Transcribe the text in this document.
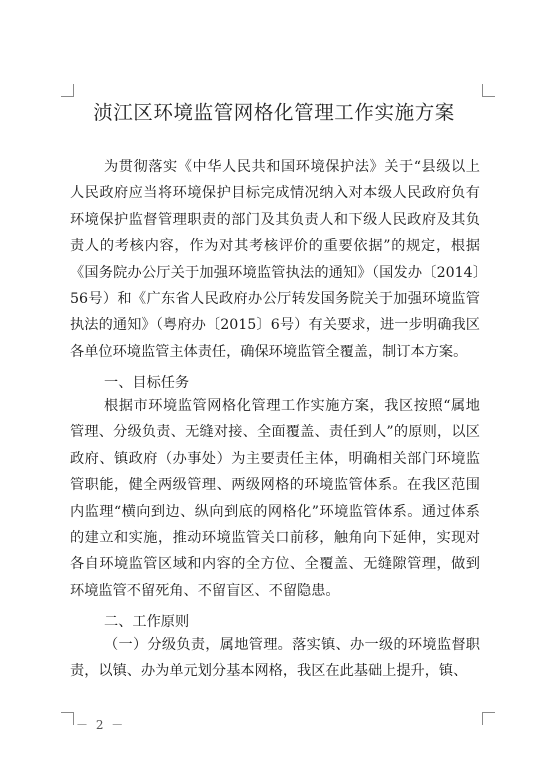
浈江区环境监管网格化管理工作实施方案
为贯彻落实《中华人民共和国环境保护法》关于“县级以上人民政府应当将环境保护目标完成情况纳入对本级人民政府负有环境保护监督管理职责的部门及其负责人和下级人民政府及其负责人的考核内容，作为对其考核评价的重要依据”的规定，根据《国务院办公厅关于加强环境监管执法的通知》（国发办〔2014〕56号）和《广东省人民政府办公厅转发国务院关于加强环境监管执法的通知》（粤府办〔2015〕6号）有关要求，进一步明确我区各单位环境监管主体责任，确保环境监管全覆盖，制订本方案。
一、目标任务
根据市环境监管网格化管理工作实施方案，我区按照“属地管理、分级负责、无缝对接、全面覆盖、责任到人”的原则，以区政府、镇政府（办事处）为主要责任主体，明确相关部门环境监管职能，健全两级管理、两级网格的环境监管体系。在我区范围内监理“横向到边、纵向到底的网格化”环境监管体系。通过体系的建立和实施，推动环境监管关口前移，触角向下延伸，实现对各自环境监管区域和内容的全方位、全覆盖、无缝隙管理，做到环境监管不留死角、不留盲区、不留隐患。
二、工作原则
（一）分级负责，属地管理。落实镇、办一级的环境监督职责，以镇、办为单元划分基本网格，我区在此基础上提升，镇、
－ 2 －
